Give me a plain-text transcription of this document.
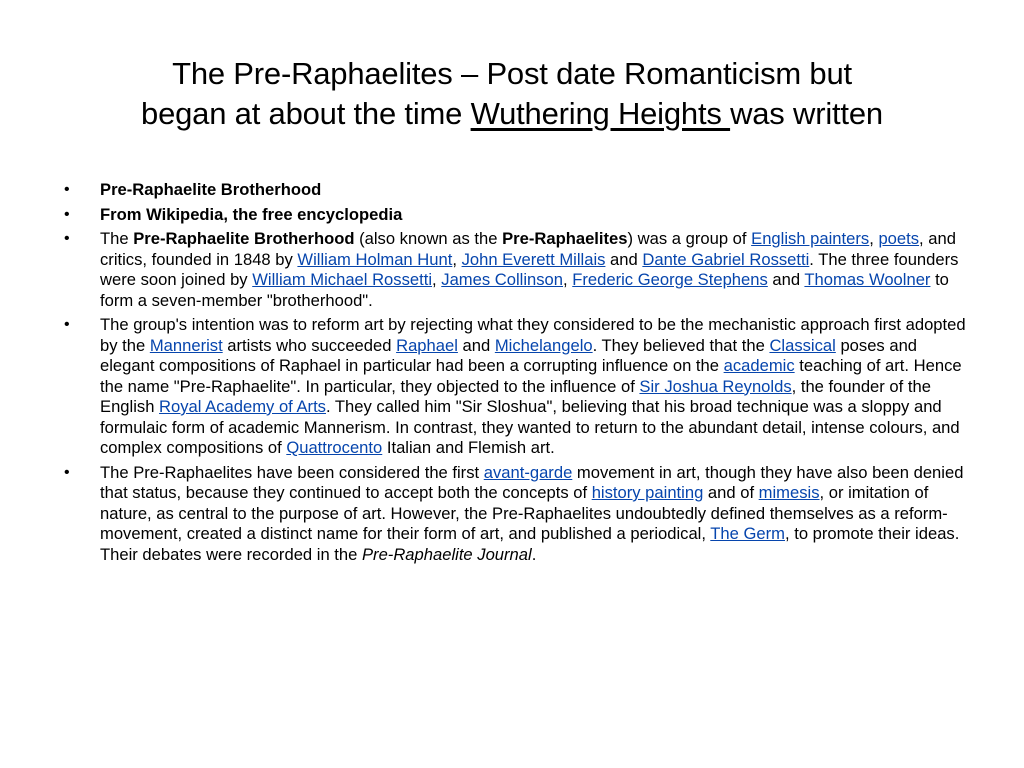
The Pre-Raphaelites – Post date Romanticism but
began at about the time Wuthering Heights was written
• Pre-Raphaelite Brotherhood
• From Wikipedia, the free encyclopedia
• The Pre-Raphaelite Brotherhood (also known as the Pre-Raphaelites) was a group of English painters, poets, and critics, founded in 1848 by William Holman Hunt, John Everett Millais and Dante Gabriel Rossetti. The three founders were soon joined by William Michael Rossetti, James Collinson, Frederic George Stephens and Thomas Woolner to form a seven-member "brotherhood".
• The group's intention was to reform art by rejecting what they considered to be the mechanistic approach first adopted by the Mannerist artists who succeeded Raphael and Michelangelo. They believed that the Classical poses and elegant compositions of Raphael in particular had been a corrupting influence on the academic teaching of art. Hence the name "Pre-Raphaelite". In particular, they objected to the influence of Sir Joshua Reynolds, the founder of the English Royal Academy of Arts. They called him "Sir Sloshua", believing that his broad technique was a sloppy and formulaic form of academic Mannerism. In contrast, they wanted to return to the abundant detail, intense colours, and complex compositions of Quattrocento Italian and Flemish art.
• The Pre-Raphaelites have been considered the first avant-garde movement in art, though they have also been denied that status, because they continued to accept both the concepts of history painting and of mimesis, or imitation of nature, as central to the purpose of art. However, the Pre-Raphaelites undoubtedly defined themselves as a reform-movement, created a distinct name for their form of art, and published a periodical, The Germ, to promote their ideas. Their debates were recorded in the Pre-Raphaelite Journal.
